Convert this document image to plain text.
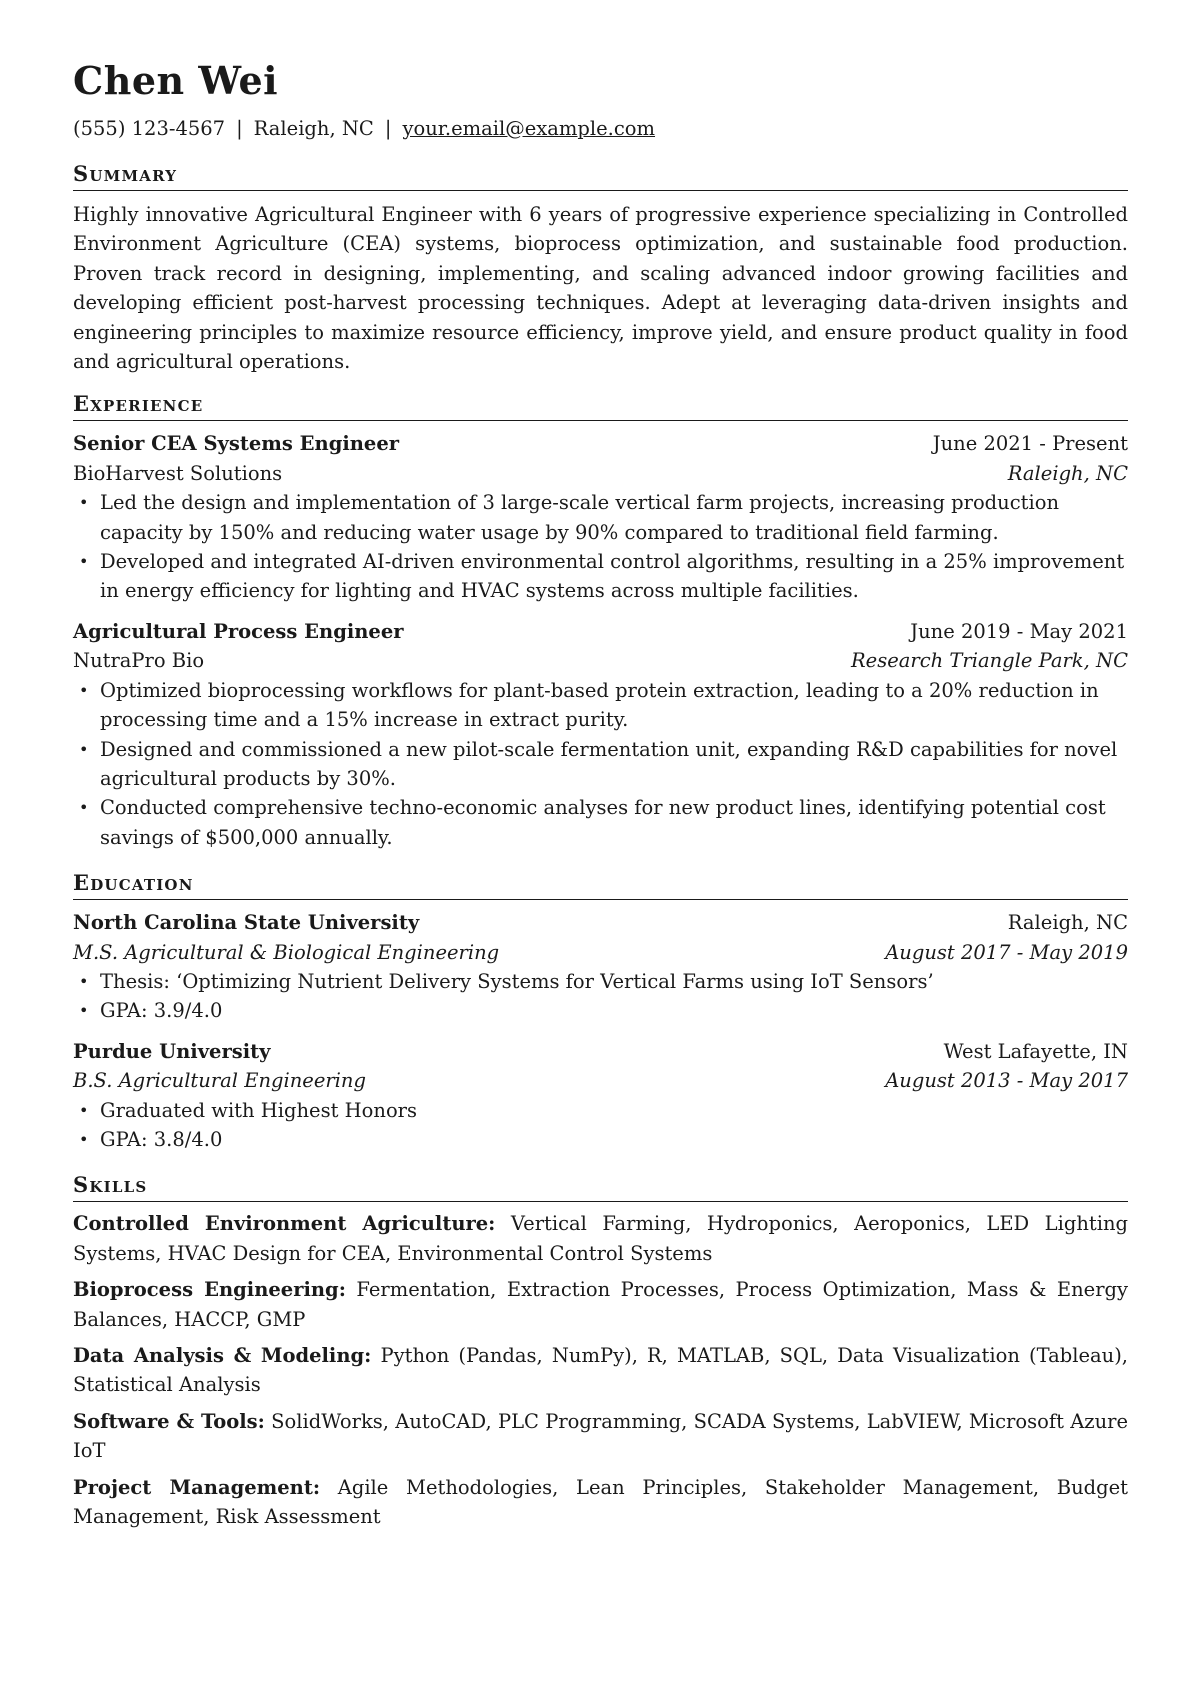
Chen Wei
(555) 123-4567 | Raleigh, NC | your.email@example.com
Summary
Highly innovative Agricultural Engineer with 6 years of progressive experience specializing in Controlled Environment Agriculture (CEA) systems, bioprocess optimization, and sustainable food production. Proven track record in designing, implementing, and scaling advanced indoor growing facilities and developing efficient post-harvest processing techniques. Adept at leveraging data-driven insights and engineering principles to maximize resource efficiency, improve yield, and ensure product quality in food and agricultural operations.
Experience
Senior CEA Systems Engineer	June 2021 - Present
BioHarvest Solutions	Raleigh, NC
• Led the design and implementation of 3 large-scale vertical farm projects, increasing production capacity by 150% and reducing water usage by 90% compared to traditional field farming.
• Developed and integrated AI-driven environmental control algorithms, resulting in a 25% improvement in energy efficiency for lighting and HVAC systems across multiple facilities.
Agricultural Process Engineer	June 2019 - May 2021
NutraPro Bio	Research Triangle Park, NC
• Optimized bioprocessing workflows for plant-based protein extraction, leading to a 20% reduction in processing time and a 15% increase in extract purity.
• Designed and commissioned a new pilot-scale fermentation unit, expanding R&D capabilities for novel agricultural products by 30%.
• Conducted comprehensive techno-economic analyses for new product lines, identifying potential cost savings of $500,000 annually.
Education
North Carolina State University	Raleigh, NC
M.S. Agricultural & Biological Engineering	August 2017 - May 2019
• Thesis: ‘Optimizing Nutrient Delivery Systems for Vertical Farms using IoT Sensors’
• GPA: 3.9/4.0
Purdue University	West Lafayette, IN
B.S. Agricultural Engineering	August 2013 - May 2017
• Graduated with Highest Honors
• GPA: 3.8/4.0
Skills
Controlled Environment Agriculture: Vertical Farming, Hydroponics, Aeroponics, LED Lighting Systems, HVAC Design for CEA, Environmental Control Systems
Bioprocess Engineering: Fermentation, Extraction Processes, Process Optimization, Mass & Energy Balances, HACCP, GMP
Data Analysis & Modeling: Python (Pandas, NumPy), R, MATLAB, SQL, Data Visualization (Tableau), Statistical Analysis
Software & Tools: SolidWorks, AutoCAD, PLC Programming, SCADA Systems, LabVIEW, Microsoft Azure IoT
Project Management: Agile Methodologies, Lean Principles, Stakeholder Management, Budget Management, Risk Assessment
